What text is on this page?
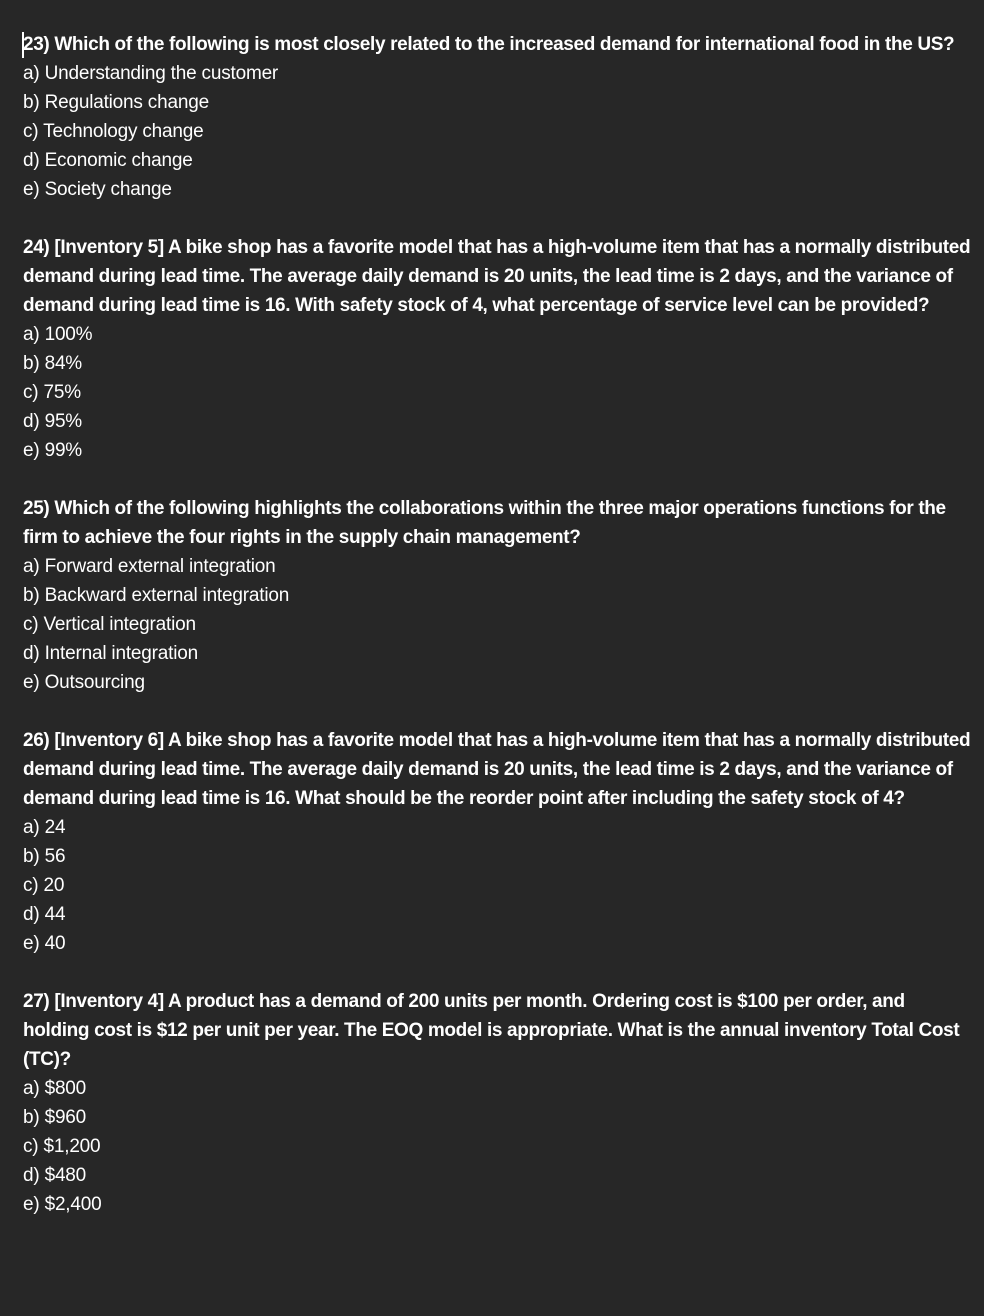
23) Which of the following is most closely related to the increased demand for international food in the US?

a) Understanding the customer
b) Regulations change
c) Technology change
d) Economic change
e) Society change

24) [Inventory 5] A bike shop has a favorite model that has a high-volume item that has a normally distributed demand during lead time. The average daily demand is 20 units, the lead time is 2 days, and the variance of demand during lead time is 16. With safety stock of 4, what percentage of service level can be provided?

a) 100%
b) 84%
c) 75%
d) 95%
e) 99%

25) Which of the following highlights the collaborations within the three major operations functions for the firm to achieve the four rights in the supply chain management?

a) Forward external integration
b) Backward external integration
c) Vertical integration
d) Internal integration
e) Outsourcing

26) [Inventory 6] A bike shop has a favorite model that has a high-volume item that has a normally distributed demand during lead time. The average daily demand is 20 units, the lead time is 2 days, and the variance of demand during lead time is 16. What should be the reorder point after including the safety stock of 4?

a) 24
b) 56
c) 20
d) 44
e) 40

27) [Inventory 4] A product has a demand of 200 units per month. Ordering cost is $100 per order, and holding cost is $12 per unit per year. The EOQ model is appropriate. What is the annual inventory Total Cost (TC)?

a) $800
b) $960
c) $1,200
d) $480
e) $2,400
